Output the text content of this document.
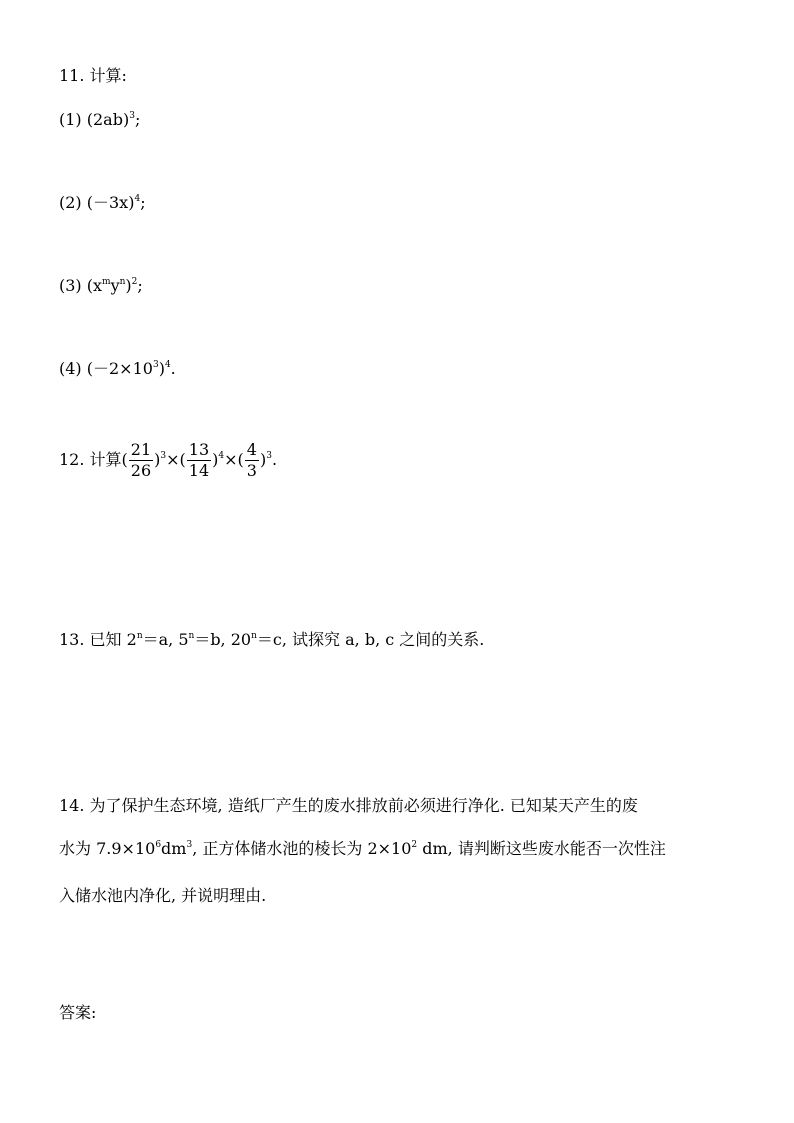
11. 计算:
(1) $(2ab)^3$;
(2) $(-3x)^4$;
(3) $(x^my^n)^2$;
(4) $(-2\times 10^3)^4$.
12. 计算( $\frac{21}{26} )^3\times( \frac{13}{14} )^4\times( \frac{4}{3} )^3$.
13. 已知 $2^n=a$, $5^n=b$, $20^n=c$, 试探究 a, b, c 之间的关系.
14. 为了保护生态环境, 造纸厂产生的废水排放前必须进行净化. 已知某天产生的废
水为 $7.9\times 10^6dm^3$, 正方体储水池的棱长为 $2\times 10^2$ dm, 请判断这些废水能否一次性注
入储水池内净化, 并说明理由.
答案:
